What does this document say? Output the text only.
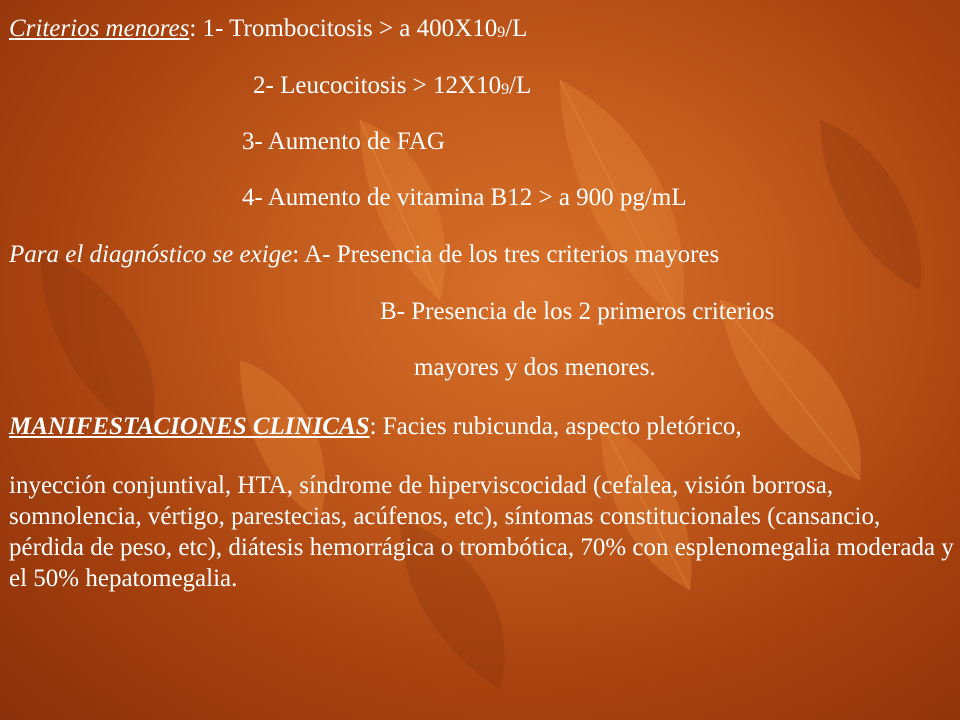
Criterios menores: 1- Trombocitosis > a $400X10_9/L$
2- Leucocitosis > $12X10_9/L$
3- Aumento de FAG
4- Aumento de vitamina B12 > a 900 pg/mL
Para el diagnóstico se exige: A- Presencia de los tres criterios mayores
B- Presencia de los 2 primeros criterios
mayores y dos menores.
MANIFESTACIONES CLINICAS: Facies rubicunda, aspecto pletórico,
inyección conjuntival, HTA, síndrome de hiperviscocidad (cefalea, visión borrosa, somnolencia, vértigo, parestecias, acúfenos, etc), síntomas constitucionales (cansancio, pérdida de peso, etc), diátesis hemorrágica o trombótica, 70% con esplenomegalia moderada y el 50% hepatomegalia.
